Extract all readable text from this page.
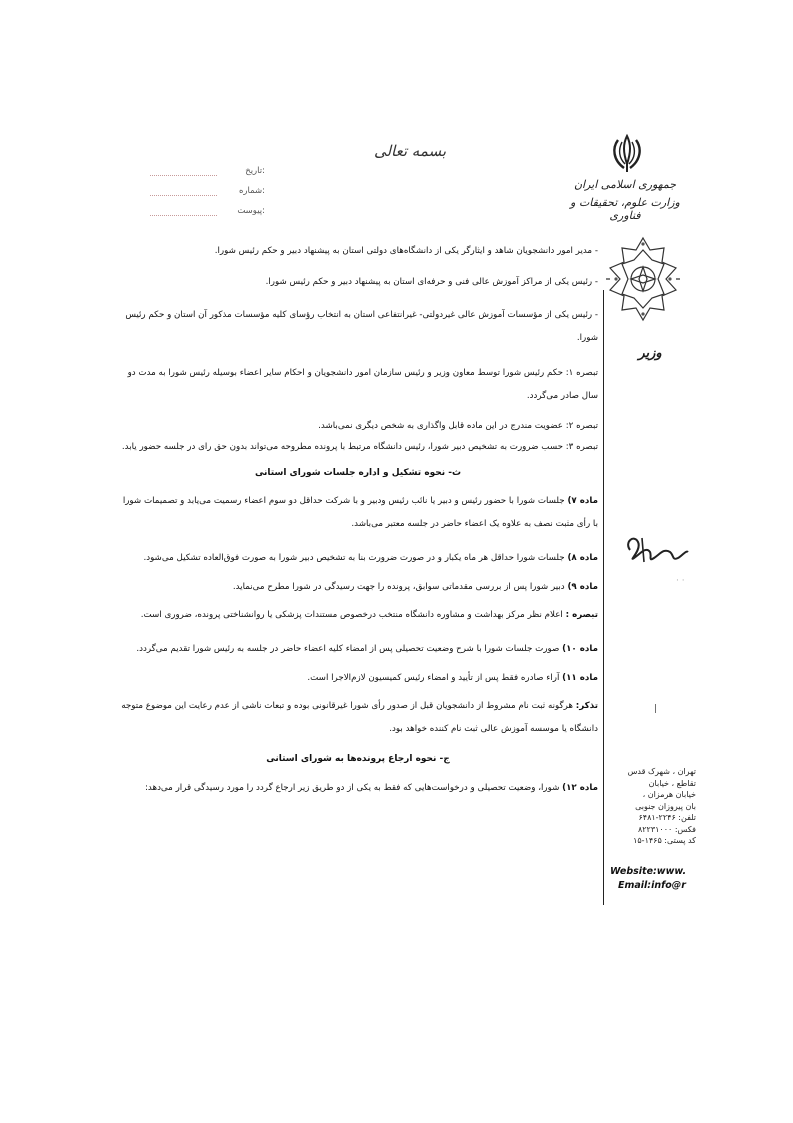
بسمه تعالی
جمهوری اسلامی ایران
وزارت علوم، تحقیقات و فناوری
تاریخ:
شماره:
پیوست:
وزیر
· ·
|
تهران ، شهرک قدس
تقاطع ، خیابان
خیابان هرمزان ،
بان پیروزان جنوبی
تلفن: ۲۲۴۶-۶۴۸۱
فکس: ۸۲۲۳۱۰۰۰
کد پستی: ۱۴۶۵-۱۵
Website:www.
Email:info@r

- مدیر امور دانشجویان شاهد و ایثارگر یکی از دانشگاه‌های دولتی استان به پیشنهاد دبیر و حکم رئیس شورا.

- رئیس یکی از مراکز آموزش عالی فنی و حرفه‌ای استان به پیشنهاد دبیر و حکم رئیس شورا.

- رئیس یکی از مؤسسات آموزش عالی غیردولتی- غیرانتفاعی استان به انتخاب رؤسای کلیه مؤسسات مذکور آن استان و حکم رئیس شورا.

تبصره ۱: حکم رئیس شورا توسط معاون وزیر و رئیس سازمان امور دانشجویان و احکام سایر اعضاء بوسیله رئیس شورا به مدت دو سال صادر می‌گردد.

تبصره ۲: عضویت مندرج در این ماده قابل واگذاری به شخص دیگری نمی‌باشد.

تبصره ۳: حسب ضرورت به تشخیص دبیر شورا، رئیس دانشگاه مرتبط با پرونده مطروحه می‌تواند بدون حق رای در جلسه حضور یابد.

ث- نحوه تشکیل و اداره جلسات شورای استانی

ماده ۷) جلسات شورا با حضور رئیس و دبیر یا نائب رئیس ودبیر و با شرکت حداقل دو سوم اعضاء رسمیت می‌یابد و تصمیمات شورا با رأی مثبت نصف به علاوه یک اعضاء حاضر در جلسه معتبر می‌باشد.

ماده ۸) جلسات شورا حداقل هر ماه یکبار و در صورت ضرورت بنا به تشخیص دبیر شورا به صورت فوق‌العاده تشکیل می‌شود.

ماده ۹) دبیر شورا پس از بررسی مقدماتی سوابق، پرونده را جهت رسیدگی در شورا مطرح می‌نماید.

تبصره : اعلام نظر مرکز بهداشت و مشاوره دانشگاه منتخب درخصوص مستندات پزشکی یا روانشناختی پرونده، ضروری است.

ماده ۱۰) صورت جلسات شورا با شرح وضعیت تحصیلی پس از امضاء کلیه اعضاء حاضر در جلسه به رئیس شورا تقدیم می‌گردد.

ماده ۱۱) آراء صادره فقط پس از تأیید و امضاء رئیس کمیسیون لازم‌الاجرا است.

تذکر: هرگونه ثبت نام مشروط از دانشجویان قبل از صدور رأی شورا غیرقانونی بوده و تبعات ناشی از عدم رعایت این موضوع متوجه دانشگاه یا موسسه آموزش عالی ثبت نام کننده خواهد بود.

ج- نحوه ارجاع پرونده‌ها به شورای استانی

ماده ۱۲) شورا، وضعیت تحصیلی و درخواست‌هایی که فقط به یکی از دو طریق زیر ارجاع گردد را مورد رسیدگی قرار می‌دهد:
